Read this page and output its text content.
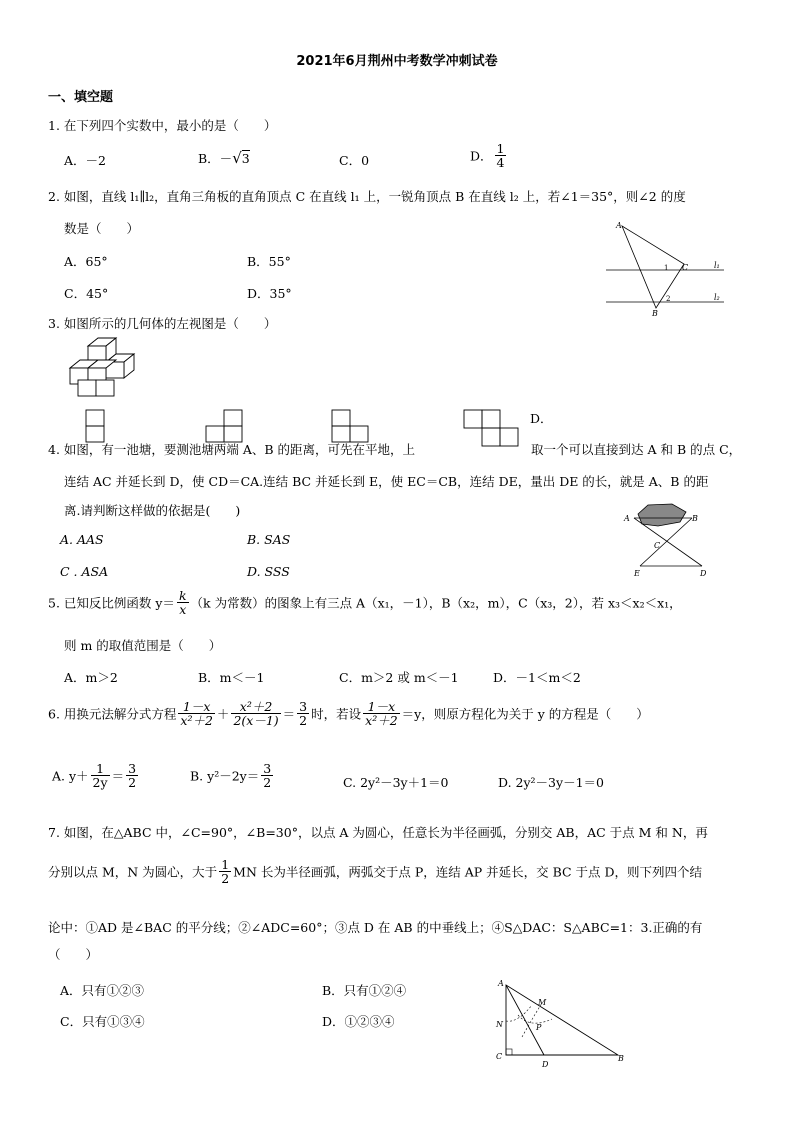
2021年6月荆州中考数学冲刺试卷
一、填空题
1. 在下列四个实数中，最小的是（　　）
A．－2	B．－√3	C．0	D． $\frac{1}{4}$
2. 如图，直线 l₁∥l₂，直角三角板的直角顶点 C 在直线 l₁ 上，一锐角顶点 B 在直线 l₂ 上，若∠1＝35°，则∠2 的度
数是（　　）
A．65°	B．55°
C．45°	D．35°
A
B
C
1
2
l₁
l₂
3. 如图所示的几何体的左视图是（　　）
D．
4. 如图，有一池塘，要测池塘两端 A、B 的距离，可先在平地，上	取一个可以直接到达 A 和 B 的点 C，
连结 AC 并延长到 D，使 CD＝CA.连结 BC 并延长到 E，使 EC＝CB，连结 DE，量出 DE 的长，就是 A、B 的距
离.请判断这样做的依据是(　　)
A. AAS	B. SAS
C . ASA	D. SSS
A	B
C
E	D
5. 已知反比例函数 $y= \frac{k}{x} (k$ 为常数）的图象上有三点 A（x₁，－1），B（x₂，m），C（x₃，2），若 x₃＜x₂＜x₁，
则 m 的取值范围是（　　）
A．m＞2	B．m＜－1	C．m＞2 或 m＜－1	D．－1＜m＜2
6. 用换元法解分式方程 $\frac{1-x}{\text{x²＋2}} + \frac{\text{x²＋2}}{2(x-1)} = \frac{3}{2}$ 时，若设 $\frac{1-x}{\text{x²＋2}} =y$，则原方程化为关于 y 的方程是（　　）
A. $y+ \frac{1}{2y} = \frac{3}{2}$	B. $y^2-2y= \frac{3}{2}$	C. 2y²－3y＋1＝0	D. 2y²－3y－1＝0
7. 如图，在△ABC 中，∠C=90°，∠B=30°，以点 A 为圆心，任意长为半径画弧，分别交 AB，AC 于点 M 和 N，再
分别以点 M，N 为圆心，大于 $\frac{1}{2}$ MN 长为半径画弧，两弧交于点 P，连结 AP 并延长，交 BC 于点 D，则下列四个结
论中：①AD 是∠BAC 的平分线；②∠ADC=60°；③点 D 在 AB 的中垂线上；④S△DAC：S△ABC=1：3.正确的有
（　　）
A．只有①②③	B．只有①②④
C．只有①③④	D．①②③④
A
M
N	P
C
D
B
